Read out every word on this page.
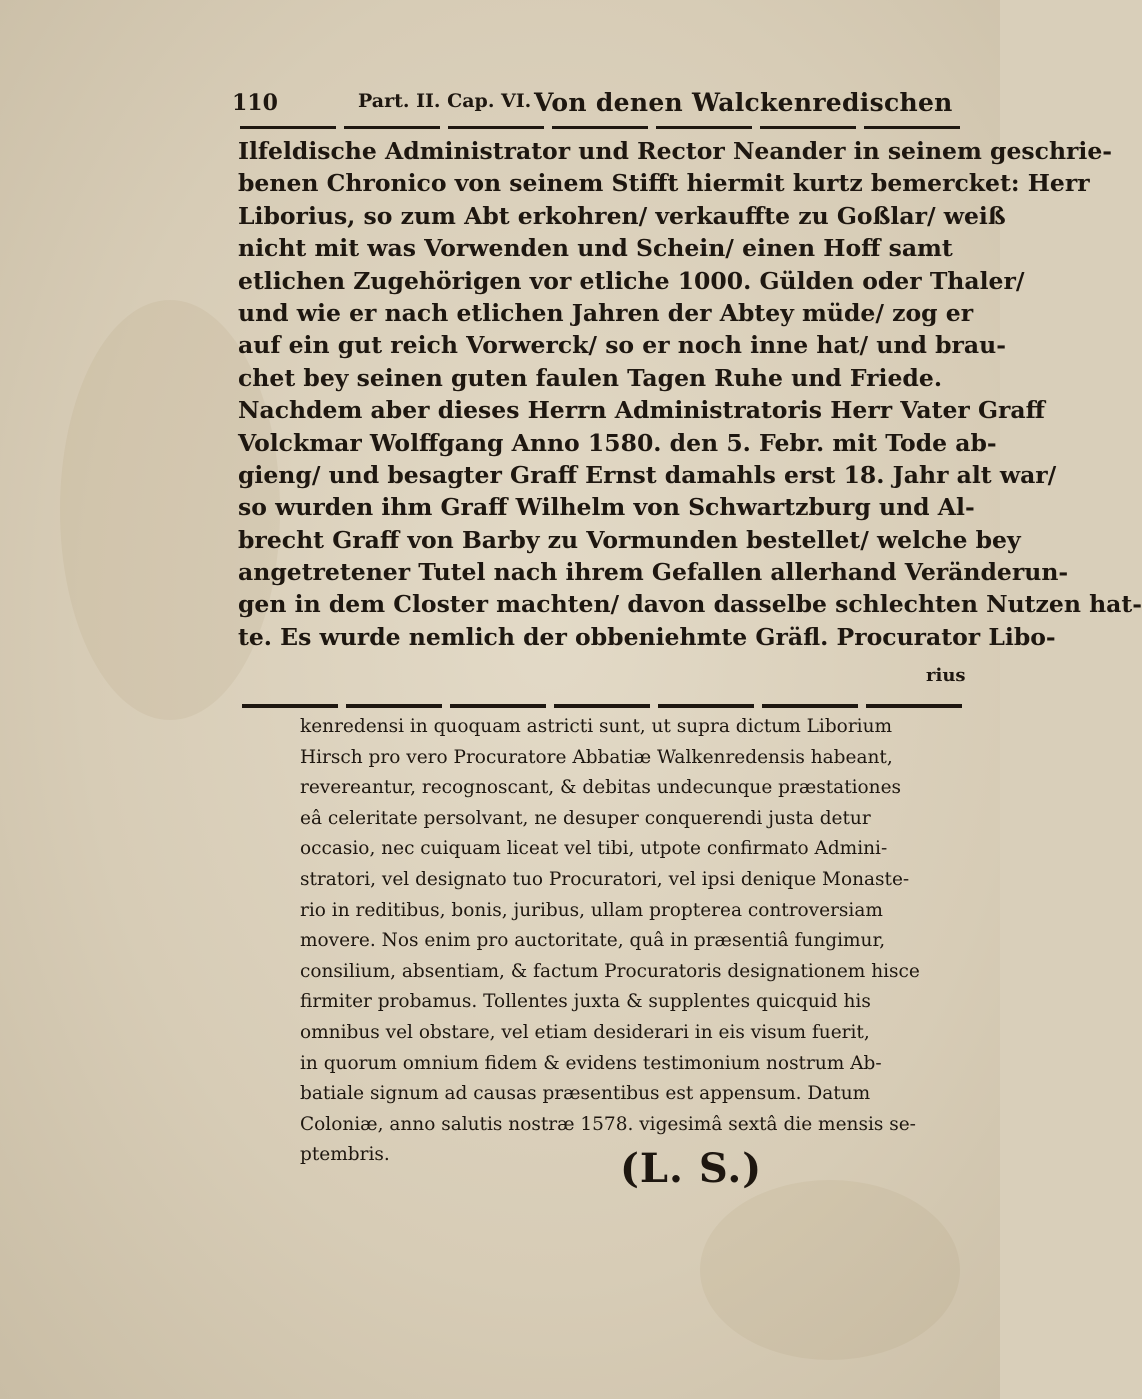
110	Part. II. Cap. VI. Von denen Walckenredischen
Ilfeldische Administrator und Rector Neander in seinem geschrie-
benen Chronico von seinem Stifft hiermit kurtz bemercket: Herr
Liborius, so zum Abt erkohren/ verkauffte zu Goßlar/ weiß
nicht mit was Vorwenden und Schein/ einen Hoff samt
etlichen Zugehörigen vor etliche 1000. Gülden oder Thaler/
und wie er nach etlichen Jahren der Abtey müde/ zog er
auf ein gut reich Vorwerck/ so er noch inne hat/ und brau-
chet bey seinen guten faulen Tagen Ruhe und Friede.
Nachdem aber dieses Herrn Administratoris Herr Vater Graff
Volckmar Wolffgang Anno 1580. den 5. Febr. mit Tode ab-
gieng/ und besagter Graff Ernst damahls erst 18. Jahr alt war/
so wurden ihm Graff Wilhelm von Schwartzburg und Al-
brecht Graff von Barby zu Vormunden bestellet/ welche bey
angetretener Tutel nach ihrem Gefallen allerhand Veränderun-
gen in dem Closter machten/ davon dasselbe schlechten Nutzen hat-
te. Es wurde nemlich der obbeniehmte Gräfl. Procurator Libo-
rius
kenredensi in quoquam astricti sunt, ut supra dictum Liborium
Hirsch pro vero Procuratore Abbatiæ Walkenredensis habeant,
revereantur, recognoscant, & debitas undecunque præstationes
eâ celeritate persolvant, ne desuper conquerendi justa detur
occasio, nec cuiquam liceat vel tibi, utpote confirmato Admini-
stratori, vel designato tuo Procuratori, vel ipsi denique Monaste-
rio in reditibus, bonis, juribus, ullam propterea controversiam
movere. Nos enim pro auctoritate, quâ in præsentiâ fungimur,
consilium, absentiam, & factum Procuratoris designationem hisce
firmiter probamus. Tollentes juxta & supplentes quicquid his
omnibus vel obstare, vel etiam desiderari in eis visum fuerit,
in quorum omnium fidem & evidens testimonium nostrum Ab-
batiale signum ad causas præsentibus est appensum. Datum
Coloniæ, anno salutis nostræ 1578. vigesimâ sextâ die mensis se-
ptembris.	(L. S.)
